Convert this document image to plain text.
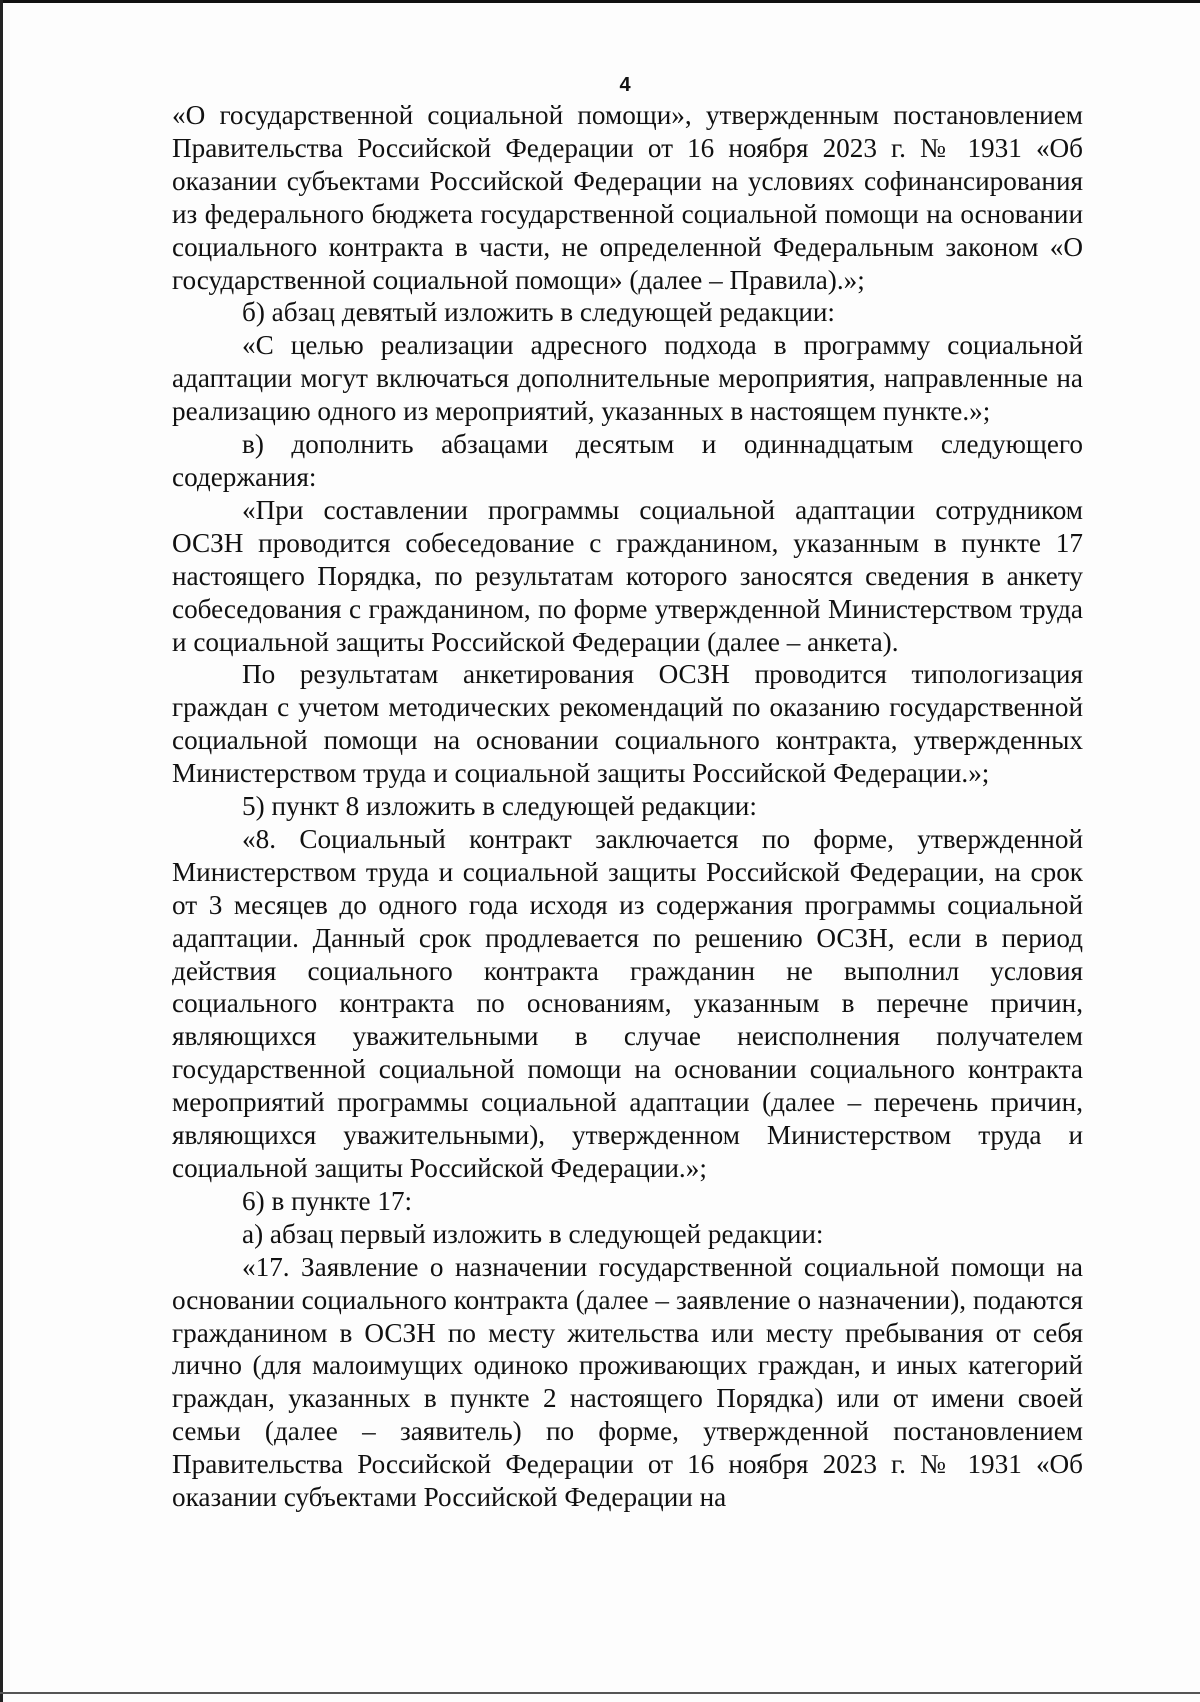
4

«О государственной социальной помощи», утвержденным постановлением Правительства Российской Федерации от 16 ноября 2023 г. № 1931 «Об оказании субъектами Российской Федерации на условиях софинансирования из федерального бюджета государственной социальной помощи на основании социального контракта в части, не определенной Федеральным законом «О государственной социальной помощи» (далее – Правила).»;

б) абзац девятый изложить в следующей редакции:

«С целью реализации адресного подхода в программу социальной адаптации могут включаться дополнительные мероприятия, направленные на реализацию одного из мероприятий, указанных в настоящем пункте.»;

в) дополнить абзацами десятым и одиннадцатым следующего содержания:

«При составлении программы социальной адаптации сотрудником ОСЗН проводится собеседование с гражданином, указанным в пункте 17 настоящего Порядка, по результатам которого заносятся сведения в анкету собеседования с гражданином, по форме утвержденной Министерством труда и социальной защиты Российской Федерации (далее – анкета).

По результатам анкетирования ОСЗН проводится типологизация граждан с учетом методических рекомендаций по оказанию государственной социальной помощи на основании социального контракта, утвержденных Министерством труда и социальной защиты Российской Федерации.»;

5) пункт 8 изложить в следующей редакции:

«8. Социальный контракт заключается по форме, утвержденной Министерством труда и социальной защиты Российской Федерации, на срок от 3 месяцев до одного года исходя из содержания программы социальной адаптации. Данный срок продлевается по решению ОСЗН, если в период действия социального контракта гражданин не выполнил условия социального контракта по основаниям, указанным в перечне причин, являющихся уважительными в случае неисполнения получателем государственной социальной помощи на основании социального контракта мероприятий программы социальной адаптации (далее – перечень причин, являющихся уважительными), утвержденном Министерством труда и социальной защиты Российской Федерации.»;

6) в пункте 17:

а) абзац первый изложить в следующей редакции:

«17. Заявление о назначении государственной социальной помощи на основании социального контракта (далее – заявление о назначении), подаются гражданином в ОСЗН по месту жительства или месту пребывания от себя лично (для малоимущих одиноко проживающих граждан, и иных категорий граждан, указанных в пункте 2 настоящего Порядка) или от имени своей семьи (далее – заявитель) по форме, утвержденной постановлением Правительства Российской Федерации от 16 ноября 2023 г. № 1931 «Об оказании субъектами Российской Федерации на
